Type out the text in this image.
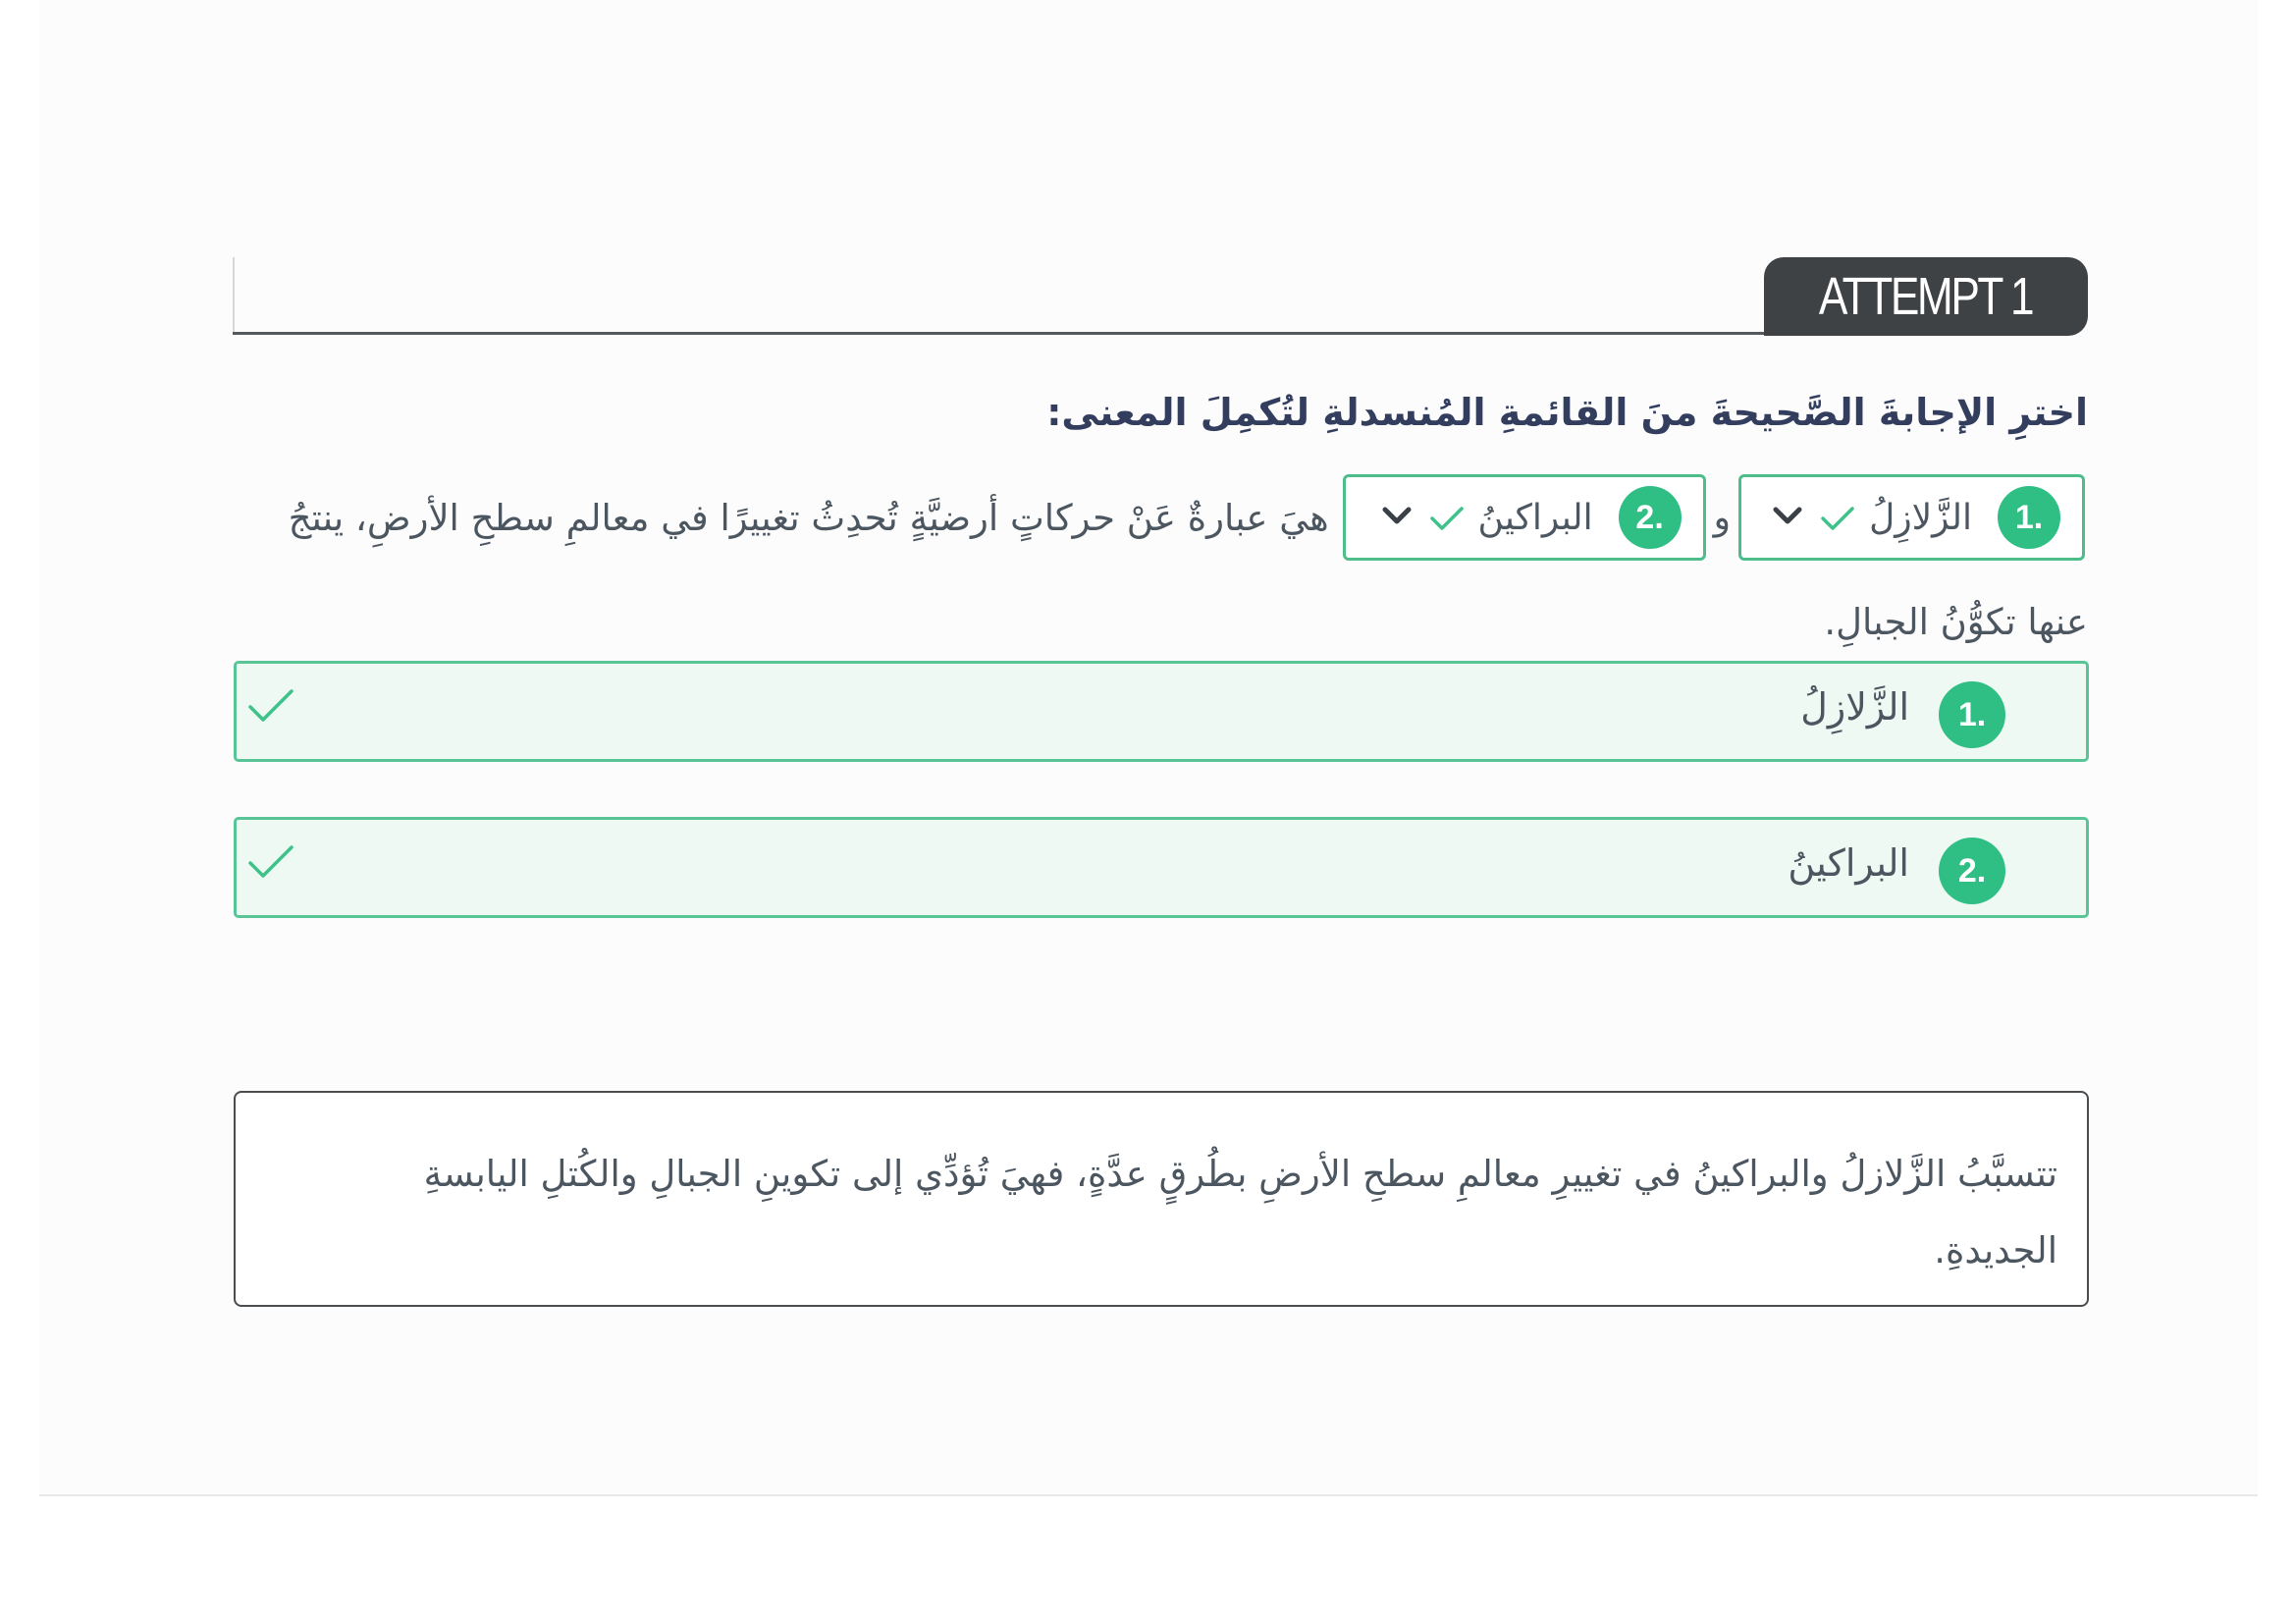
ATTEMPT 1
اخترِ الإجابةَ الصَّحيحةَ منَ القائمةِ المُنسدلةِ لتُكمِلَ المعنى:
1.
الزَّلازِلُ
و
2.
البراكينُ
هيَ عبارةٌ عَنْ حركاتٍ أرضيَّةٍ تُحدِثُ تغييرًا في معالمِ سطحِ الأرضِ، ينتجُ
عنها تكوُّنُ الجبالِ.
1.
الزَّلازِلُ
2.
البراكينُ

تتسبَّبُ الزَّلازلُ والبراكينُ في تغييرِ معالمِ سطحِ الأرضِ بطُرقٍ عدَّةٍ، فهيَ تُؤدِّي إلى تكوينِ الجبالِ والكُتلِ اليابسةِ الجديدةِ.
